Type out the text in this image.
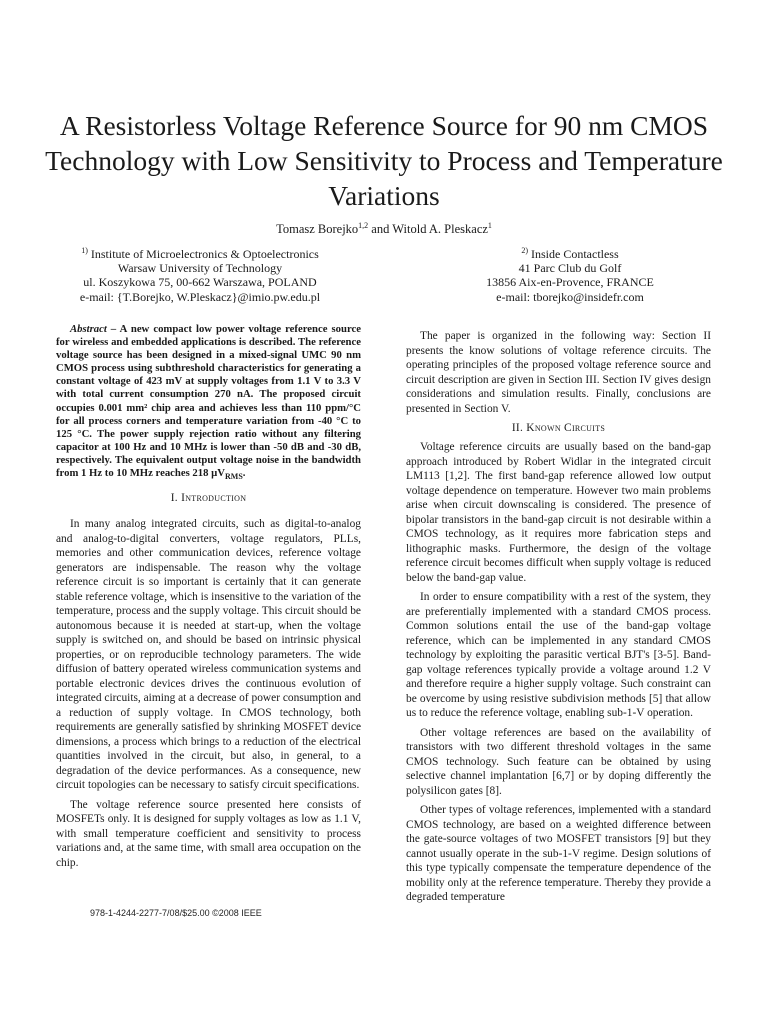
A Resistorless Voltage Reference Source for 90 nm CMOS Technology with Low Sensitivity to Process and Temperature Variations
Tomasz Borejko$^{1,2}$ and Witold A. Pleskacz$^1$
$^{1)}$ Institute of Microelectronics & Optoelectronics
Warsaw University of Technology
ul. Koszykowa 75, 00-662 Warszawa, POLAND
e-mail: {T.Borejko, W.Pleskacz}@imio.pw.edu.pl
$^{2)}$ Inside Contactless
41 Parc Club du Golf
13856 Aix-en-Provence, FRANCE
e-mail: tborejko@insidefr.com

Abstract – A new compact low power voltage reference source for wireless and embedded applications is described. The reference voltage source has been designed in a mixed-signal UMC 90 nm CMOS process using subthreshold characteristics for generating a constant voltage of 423 mV at supply voltages from 1.1 V to 3.3 V with total current consumption 270 nA. The proposed circuit occupies 0.001 mm² chip area and achieves less than 110 ppm/°C for all process corners and temperature variation from -40 °C to 125 °C. The power supply rejection ratio without any filtering capacitor at 100 Hz and 10 MHz is lower than -50 dB and -30 dB, respectively. The equivalent output voltage noise in the bandwidth from 1 Hz to 10 MHz reaches 218 µV$_{RMS}$.

I. Introduction

In many analog integrated circuits, such as digital-to-analog and analog-to-digital converters, voltage regulators, PLLs, memories and other communication devices, reference voltage generators are indispensable. The reason why the voltage reference circuit is so important is certainly that it can generate stable reference voltage, which is insensitive to the variation of the temperature, process and the supply voltage. This circuit should be autonomous because it is needed at start-up, when the voltage supply is switched on, and should be based on intrinsic physical properties, or on reproducible technology parameters. The wide diffusion of battery operated wireless communication systems and portable electronic devices drives the continuous evolution of integrated circuits, aiming at a decrease of power consumption and a reduction of supply voltage. In CMOS technology, both requirements are generally satisfied by shrinking MOSFET device dimensions, a process which brings to a reduction of the electrical quantities involved in the circuit, but also, in general, to a degradation of the device performances. As a consequence, new circuit topologies can be necessary to satisfy circuit specifications.

The voltage reference source presented here consists of MOSFETs only. It is designed for supply voltages as low as 1.1 V, with small temperature coefficient and sensitivity to process variations and, at the same time, with small area occupation on the chip.

The paper is organized in the following way: Section II presents the know solutions of voltage reference circuits. The operating principles of the proposed voltage reference source and circuit description are given in Section III. Section IV gives design considerations and simulation results. Finally, conclusions are presented in Section V.

II. Known Circuits

Voltage reference circuits are usually based on the band-gap approach introduced by Robert Widlar in the integrated circuit LM113 [1,2]. The first band-gap reference allowed low output voltage dependence on temperature. However two main problems arise when circuit downscaling is considered. The presence of bipolar transistors in the band-gap circuit is not desirable within a CMOS technology, as it requires more fabrication steps and lithographic masks. Furthermore, the design of the voltage reference circuit becomes difficult when supply voltage is reduced below the band-gap value.

In order to ensure compatibility with a rest of the system, they are preferentially implemented with a standard CMOS process. Common solutions entail the use of the band-gap voltage reference, which can be implemented in any standard CMOS technology by exploiting the parasitic vertical BJT's [3-5]. Band-gap voltage references typically provide a voltage around 1.2 V and therefore require a higher supply voltage. Such constraint can be overcome by using resistive subdivision methods [5] that allow us to reduce the reference voltage, enabling sub-1-V operation.

Other voltage references are based on the availability of transistors with two different threshold voltages in the same CMOS technology. Such feature can be obtained by using selective channel implantation [6,7] or by doping differently the polysilicon gates [8].

Other types of voltage references, implemented with a standard CMOS technology, are based on a weighted difference between the gate-source voltages of two MOSFET transistors [9] but they cannot usually operate in the sub-1-V regime. Design solutions of this type typically compensate the temperature dependence of the mobility only at the reference temperature. Thereby they provide a degraded temperature

978-1-4244-2277-7/08/$25.00 ©2008 IEEE
